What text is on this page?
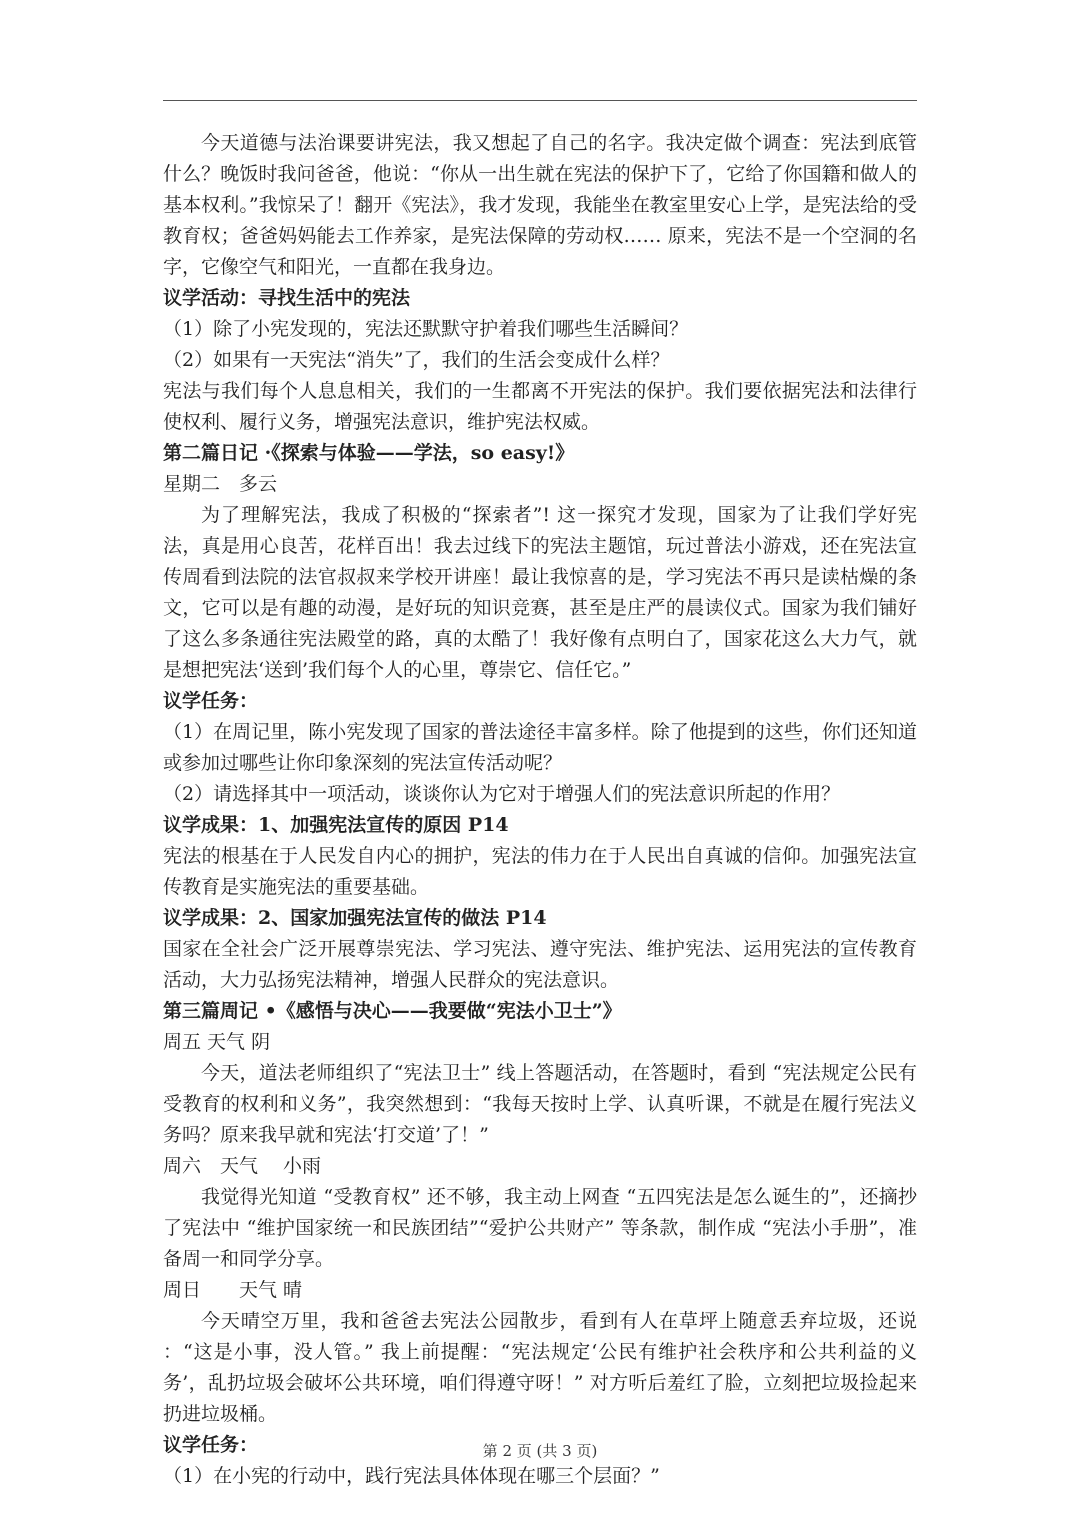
今天道德与法治课要讲宪法，我又想起了自己的名字。我决定做个调查：宪法到底管什么？晚饭时我问爸爸，他说：“你从一出生就在宪法的保护下了，它给了你国籍和做人的基本权利。”我惊呆了！翻开《宪法》，我才发现，我能坐在教室里安心上学，是宪法给的受教育权；爸爸妈妈能去工作养家，是宪法保障的劳动权…… 原来，宪法不是一个空洞的名字，它像空气和阳光，一直都在我身边。

议学活动：寻找生活中的宪法

（1）除了小宪发现的，宪法还默默守护着我们哪些生活瞬间？

（2）如果有一天宪法“消失”了，我们的生活会变成什么样？

宪法与我们每个人息息相关，我们的一生都离不开宪法的保护。我们要依据宪法和法律行使权利、履行义务，增强宪法意识，维护宪法权威。

第二篇日记 ·《探索与体验——学法，so easy!》

星期二　多云

为了理解宪法，我成了积极的“探索者”! 这一探究才发现，国家为了让我们学好宪法，真是用心良苦，花样百出！我去过线下的宪法主题馆，玩过普法小游戏，还在宪法宣传周看到法院的法官叔叔来学校开讲座！最让我惊喜的是，学习宪法不再只是读枯燥的条文，它可以是有趣的动漫，是好玩的知识竞赛，甚至是庄严的晨读仪式。国家为我们铺好了这么多条通往宪法殿堂的路，真的太酷了！我好像有点明白了，国家花这么大力气，就是想把宪法‘送到’我们每个人的心里，尊崇它、信任它。”

议学任务：

（1）在周记里，陈小宪发现了国家的普法途径丰富多样。除了他提到的这些，你们还知道或参加过哪些让你印象深刻的宪法宣传活动呢？

（2）请选择其中一项活动，谈谈你认为它对于增强人们的宪法意识所起的作用？

议学成果：1、加强宪法宣传的原因 P14

宪法的根基在于人民发自内心的拥护，宪法的伟力在于人民出自真诚的信仰。加强宪法宣传教育是实施宪法的重要基础。

议学成果：2、国家加强宪法宣传的做法 P14

国家在全社会广泛开展尊崇宪法、学习宪法、遵守宪法、维护宪法、运用宪法的宣传教育活动，大力弘扬宪法精神，增强人民群众的宪法意识。

第三篇周记 •《感悟与决心——我要做“宪法小卫士”》

周五 天气 阴

今天，道法老师组织了“宪法卫士” 线上答题活动，在答题时，看到 “宪法规定公民有受教育的权利和义务”，我突然想到：“我每天按时上学、认真听课，不就是在履行宪法义务吗？原来我早就和宪法‘打交道’了！”

周六　天气　 小雨

我觉得光知道 “受教育权” 还不够，我主动上网查 “五四宪法是怎么诞生的”，还摘抄了宪法中 “维护国家统一和民族团结”“爱护公共财产” 等条款，制作成 “宪法小手册”，准备周一和同学分享。

周日　　天气 晴

今天晴空万里，我和爸爸去宪法公园散步，看到有人在草坪上随意丢弃垃圾，还说 ：“这是小事，没人管。” 我上前提醒：“宪法规定‘公民有维护社会秩序和公共利益的义务’，乱扔垃圾会破坏公共环境，咱们得遵守呀！” 对方听后羞红了脸，立刻把垃圾捡起来扔进垃圾桶。

议学任务：

（1）在小宪的行动中，践行宪法具体体现在哪三个层面？”

第 2 页 (共 3 页)
